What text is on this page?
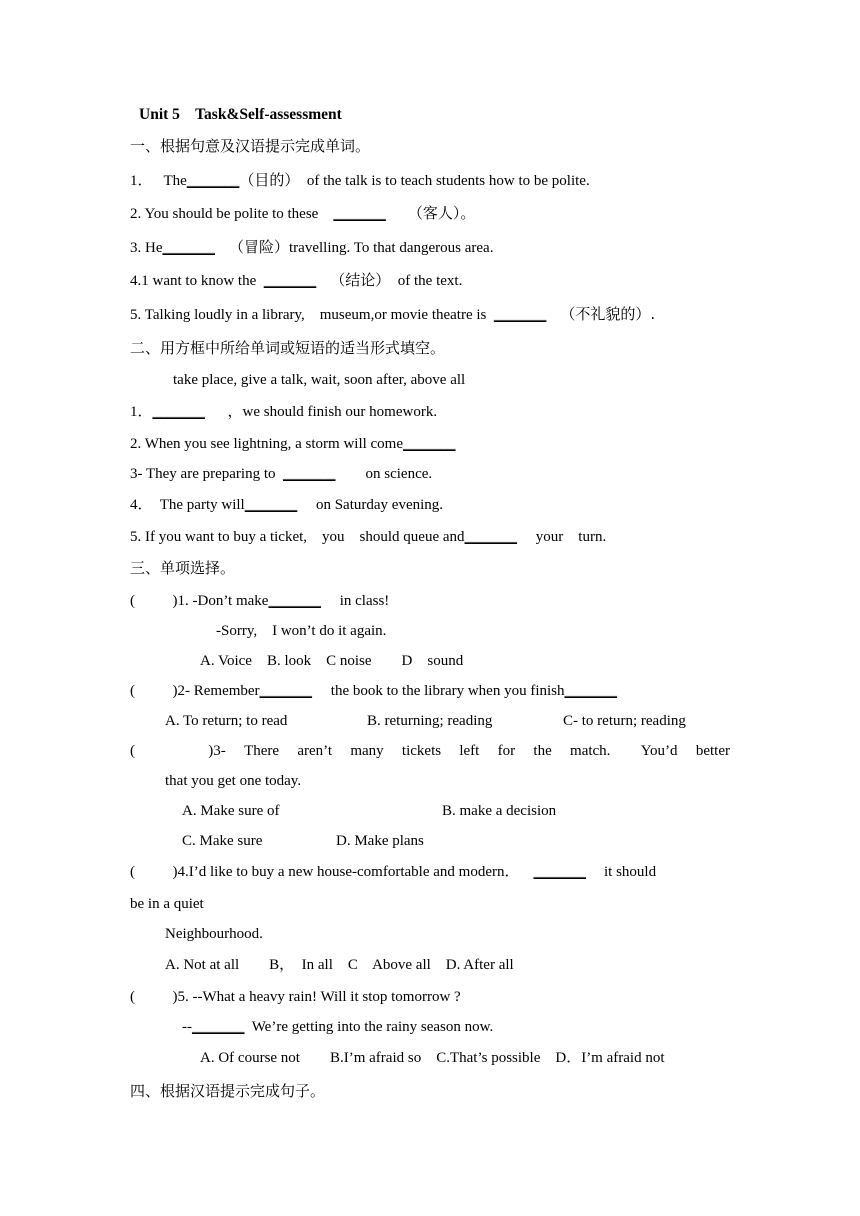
Unit 5    Task&Self-assessment
一、根据句意及汉语提示完成单词。
1．   The_______（目的）  of the talk is to teach students how to be polite.
2. You should be polite to these    _______ （客人）。
3. He_______ （冒险）travelling. To that dangerous area.
4.1 want to know the  _______ （结论）  of the text.
5. Talking loudly in a library,    museum,or movie theatre is  _______ （不礼貌的）.
二、用方框中所给单词或短语的适当形式填空。
take place, give a talk, wait, soon after, above all
1．_______      ，we should finish our homework.
2. When you see lightning, a storm will come_______
3- They are preparing to  _______        on science.
4．  The party will_______     on Saturday evening.
5. If you want to buy a ticket,    you    should queue and_______     your    turn.
三、单项选择。
(          )1. -Don’t make_______     in class!
-Sorry,    I won’t do it again.
A. Voice    B. look    C noise        D    sound
(          )2- Remember_______     the book to the library when you finish_______
A. To return; to read	B. returning; reading	C- to return; reading
(	)3- There aren’t many tickets left for the match. You’d better
that you get one today.
A. Make sure of	B. make a decision
C. Make sure	D. Make plans
(          )4.I’d like to buy a new house-comfortable and modern． _______ it should
be in a quiet
Neighbourhood.
A. Not at all        B，  In all    C    Above all    D. After all
(          )5. --What a heavy rain! Will it stop tomorrow ?
--_______  We’re getting into the rainy season now.
A. Of course not        B.I’m afraid so    C.That’s possible    D．I’m afraid not
四、根据汉语提示完成句子。
